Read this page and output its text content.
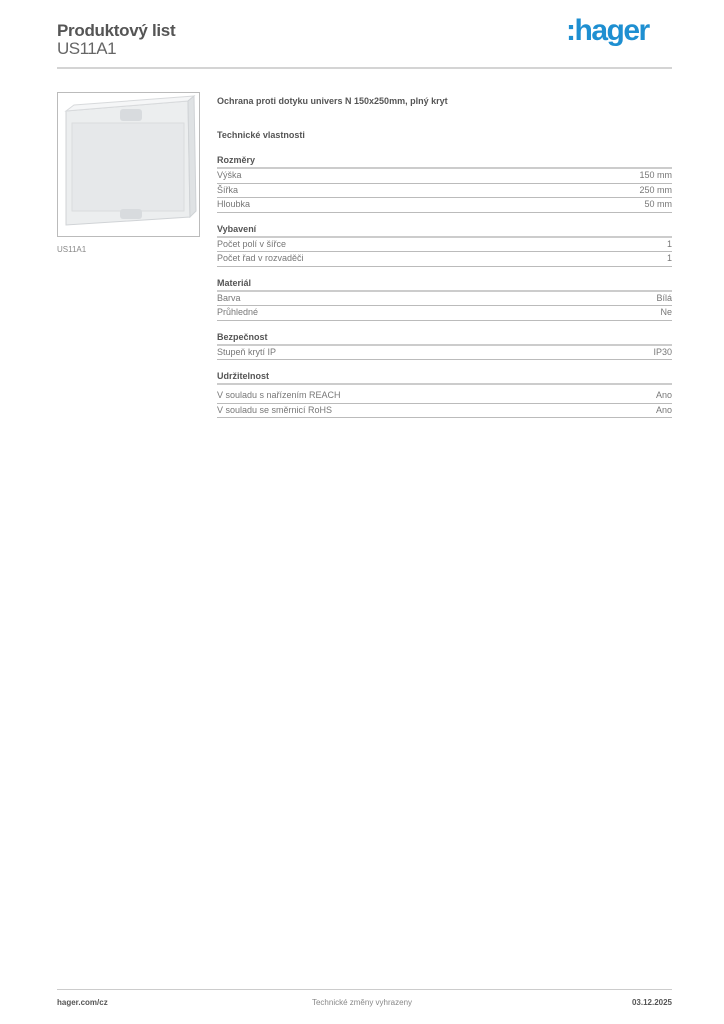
Produktový list
US11A1
:hager
US11A1
Ochrana proti dotyku univers N 150x250mm, plný kryt
Technické vlastnosti
Rozměry
Výška	150 mm
Šířka	250 mm
Hloubka	50 mm
Vybavení
Počet polí v šířce	1
Počet řad v rozvaděči	1
Materiál
Barva	Bílá
Průhledné	Ne
Bezpečnost
Stupeň krytí IP	IP30
Udržitelnost
V souladu s nařízením REACH	Ano
V souladu se směrnicí RoHS	Ano
hager.com/cz	Technické změny vyhrazeny	03.12.2025
